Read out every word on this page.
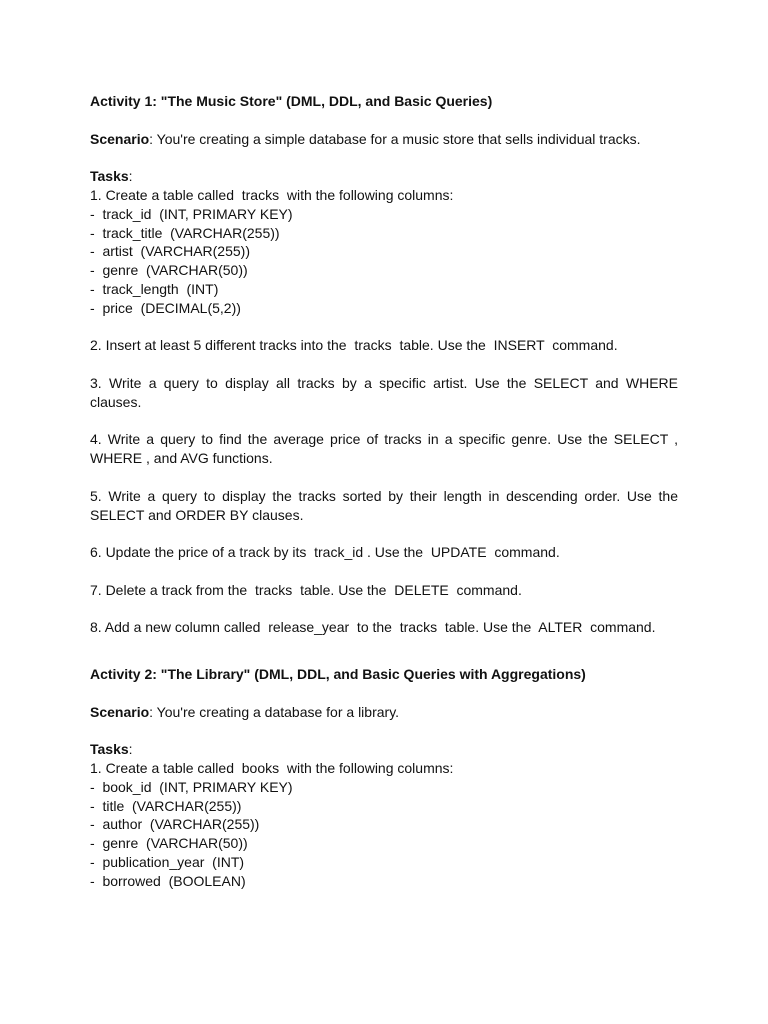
Activity 1: "The Music Store" (DML, DDL, and Basic Queries)

Scenario: You're creating a simple database for a music store that sells individual tracks.

Tasks:

1. Create a table called  tracks  with the following columns:

-  track_id  (INT, PRIMARY KEY)

-  track_title  (VARCHAR(255))

-  artist  (VARCHAR(255))

-  genre  (VARCHAR(50))

-  track_length  (INT)

-  price  (DECIMAL(5,2))

2. Insert at least 5 different tracks into the  tracks  table. Use the  INSERT  command.

3. Write a query to display all tracks by a specific artist. Use the SELECT and WHERE clauses.

4. Write a query to find the average price of tracks in a specific genre. Use the SELECT , WHERE , and AVG functions.

5. Write a query to display the tracks sorted by their length in descending order. Use the SELECT and ORDER BY clauses.

6. Update the price of a track by its  track_id . Use the  UPDATE  command.

7. Delete a track from the  tracks  table. Use the  DELETE  command.

8. Add a new column called  release_year  to the  tracks  table. Use the  ALTER  command.

Activity 2: "The Library" (DML, DDL, and Basic Queries with Aggregations)

Scenario: You're creating a database for a library.

Tasks:

1. Create a table called  books  with the following columns:

-  book_id  (INT, PRIMARY KEY)

-  title  (VARCHAR(255))

-  author  (VARCHAR(255))

-  genre  (VARCHAR(50))

-  publication_year  (INT)

-  borrowed  (BOOLEAN)
